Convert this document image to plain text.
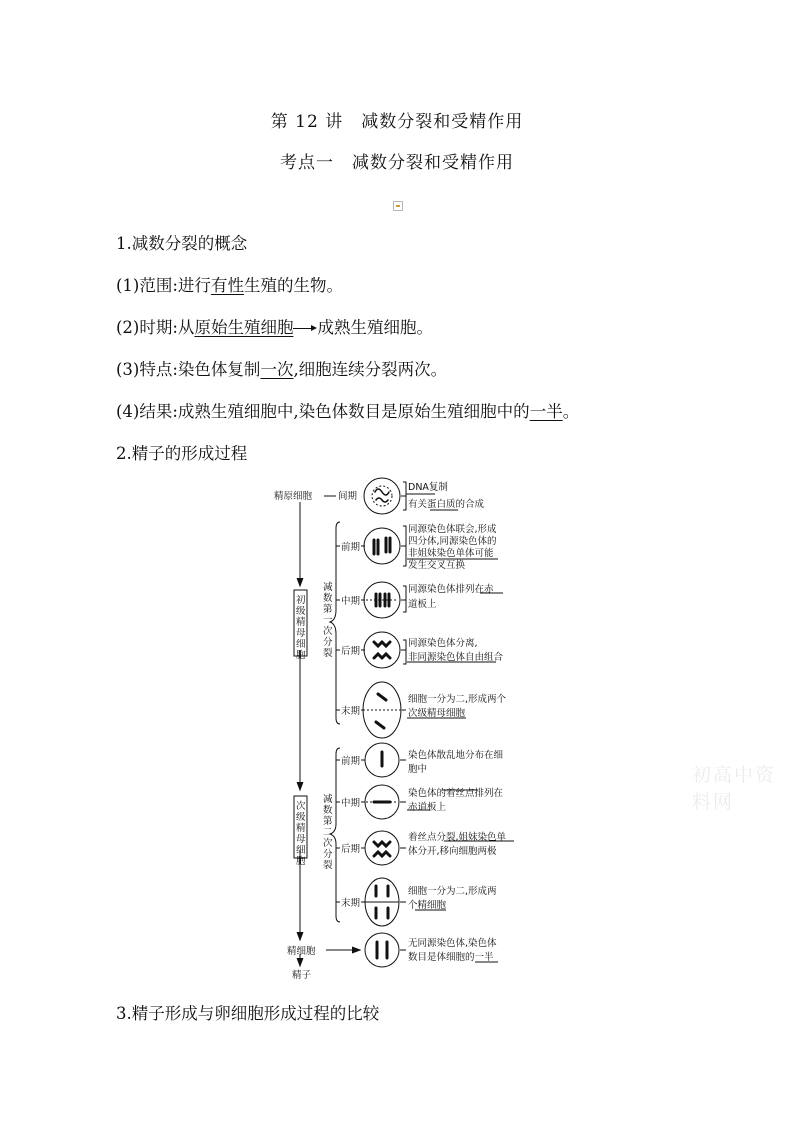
第 12 讲　减数分裂和受精作用
考点一　减数分裂和受精作用
1.减数分裂的概念
(1)范围:进行有性生殖的生物。
(2)时期:从原始生殖细胞 成熟生殖细胞。
(3)特点:染色体复制一次,细胞连续分裂两次。
(4)结果:成熟生殖细胞中,染色体数目是原始生殖细胞中的一半。
2.精子的形成过程
精原细胞	间期
DNA复制
有关蛋白质的合成
初
级
精
母
细
胞
减
数
第
一
次
分
裂
前期
同源染色体联会,形成
四分体,同源染色体的
非姐妹染色单体可能
发生交叉互换
中期
同源染色体排列在赤
道板上
后期
同源染色体分离,
非同源染色体自由组合
末期
细胞一分为二,形成两个
次级精母细胞
次
级
精
母
细
胞
减
数
第
二
次
分
裂
前期
染色体散乱地分布在细
胞中
中期
染色体的着丝点排列在
赤道板上
后期
着丝点分裂,姐妹染色单
体分开,移向细胞两极
末期
细胞一分为二,形成两
个精细胞
精细胞
无同源染色体,染色体
数目是体细胞的一半
精子
初高中资料网
3.精子形成与卵细胞形成过程的比较
